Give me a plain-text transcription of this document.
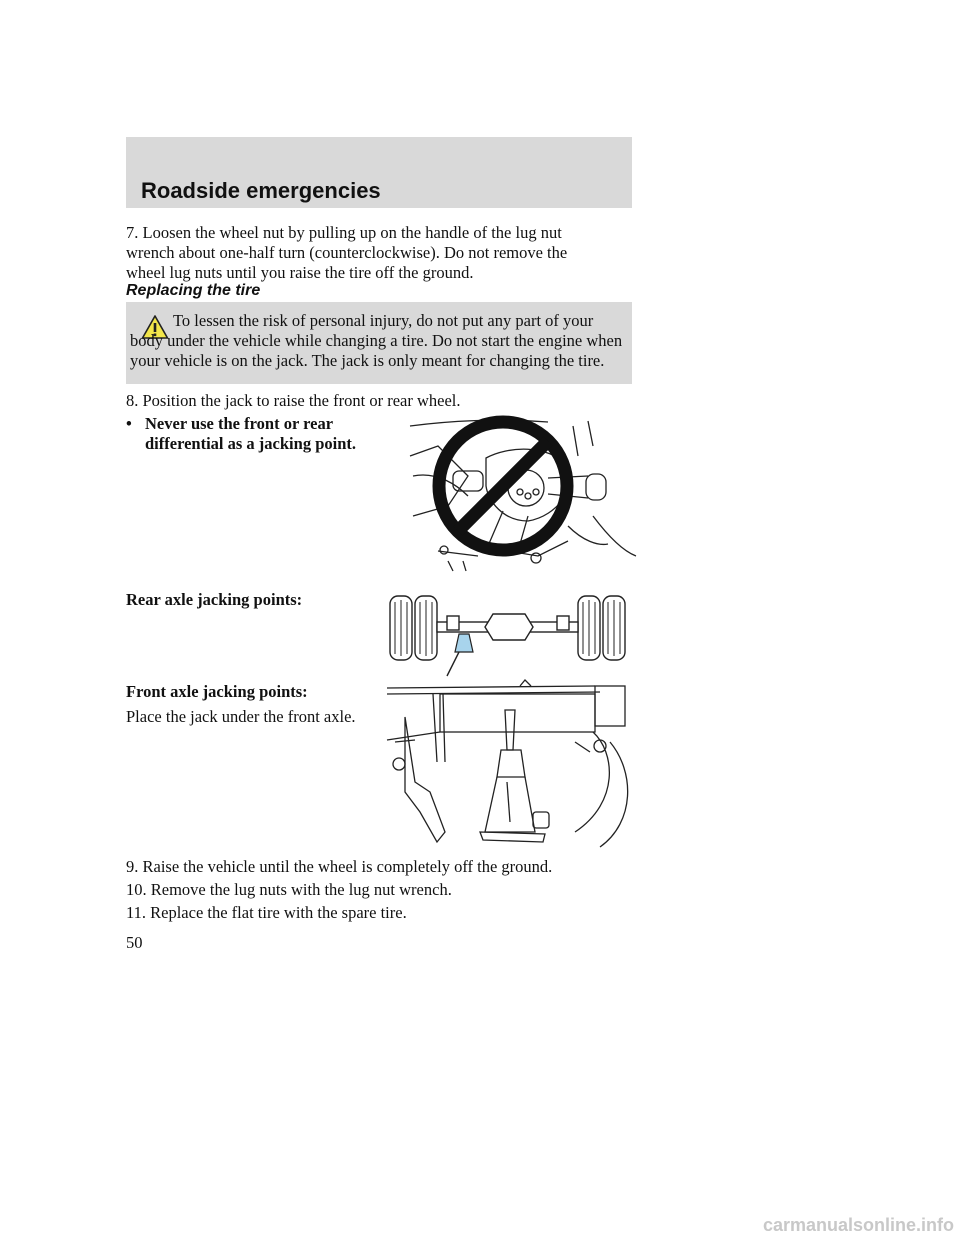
Roadside emergencies
7. Loosen the wheel nut by pulling up on the handle of the lug nut
wrench about one-half turn (counterclockwise). Do not remove the
wheel lug nuts until you raise the tire off the ground.
Replacing the tire
To lessen the risk of personal injury, do not put any part of your body under the vehicle while changing a tire. Do not start the engine when your vehicle is on the jack. The jack is only meant for changing the tire.
8. Position the jack to raise the front or rear wheel.
• Never use the front or rear
differential as a jacking point.
Rear axle jacking points:
Front axle jacking points:
Place the jack under the front axle.
9. Raise the vehicle until the wheel is completely off the ground.
10. Remove the lug nuts with the lug nut wrench.
11. Replace the flat tire with the spare tire.
50
carmanualsonline.info
